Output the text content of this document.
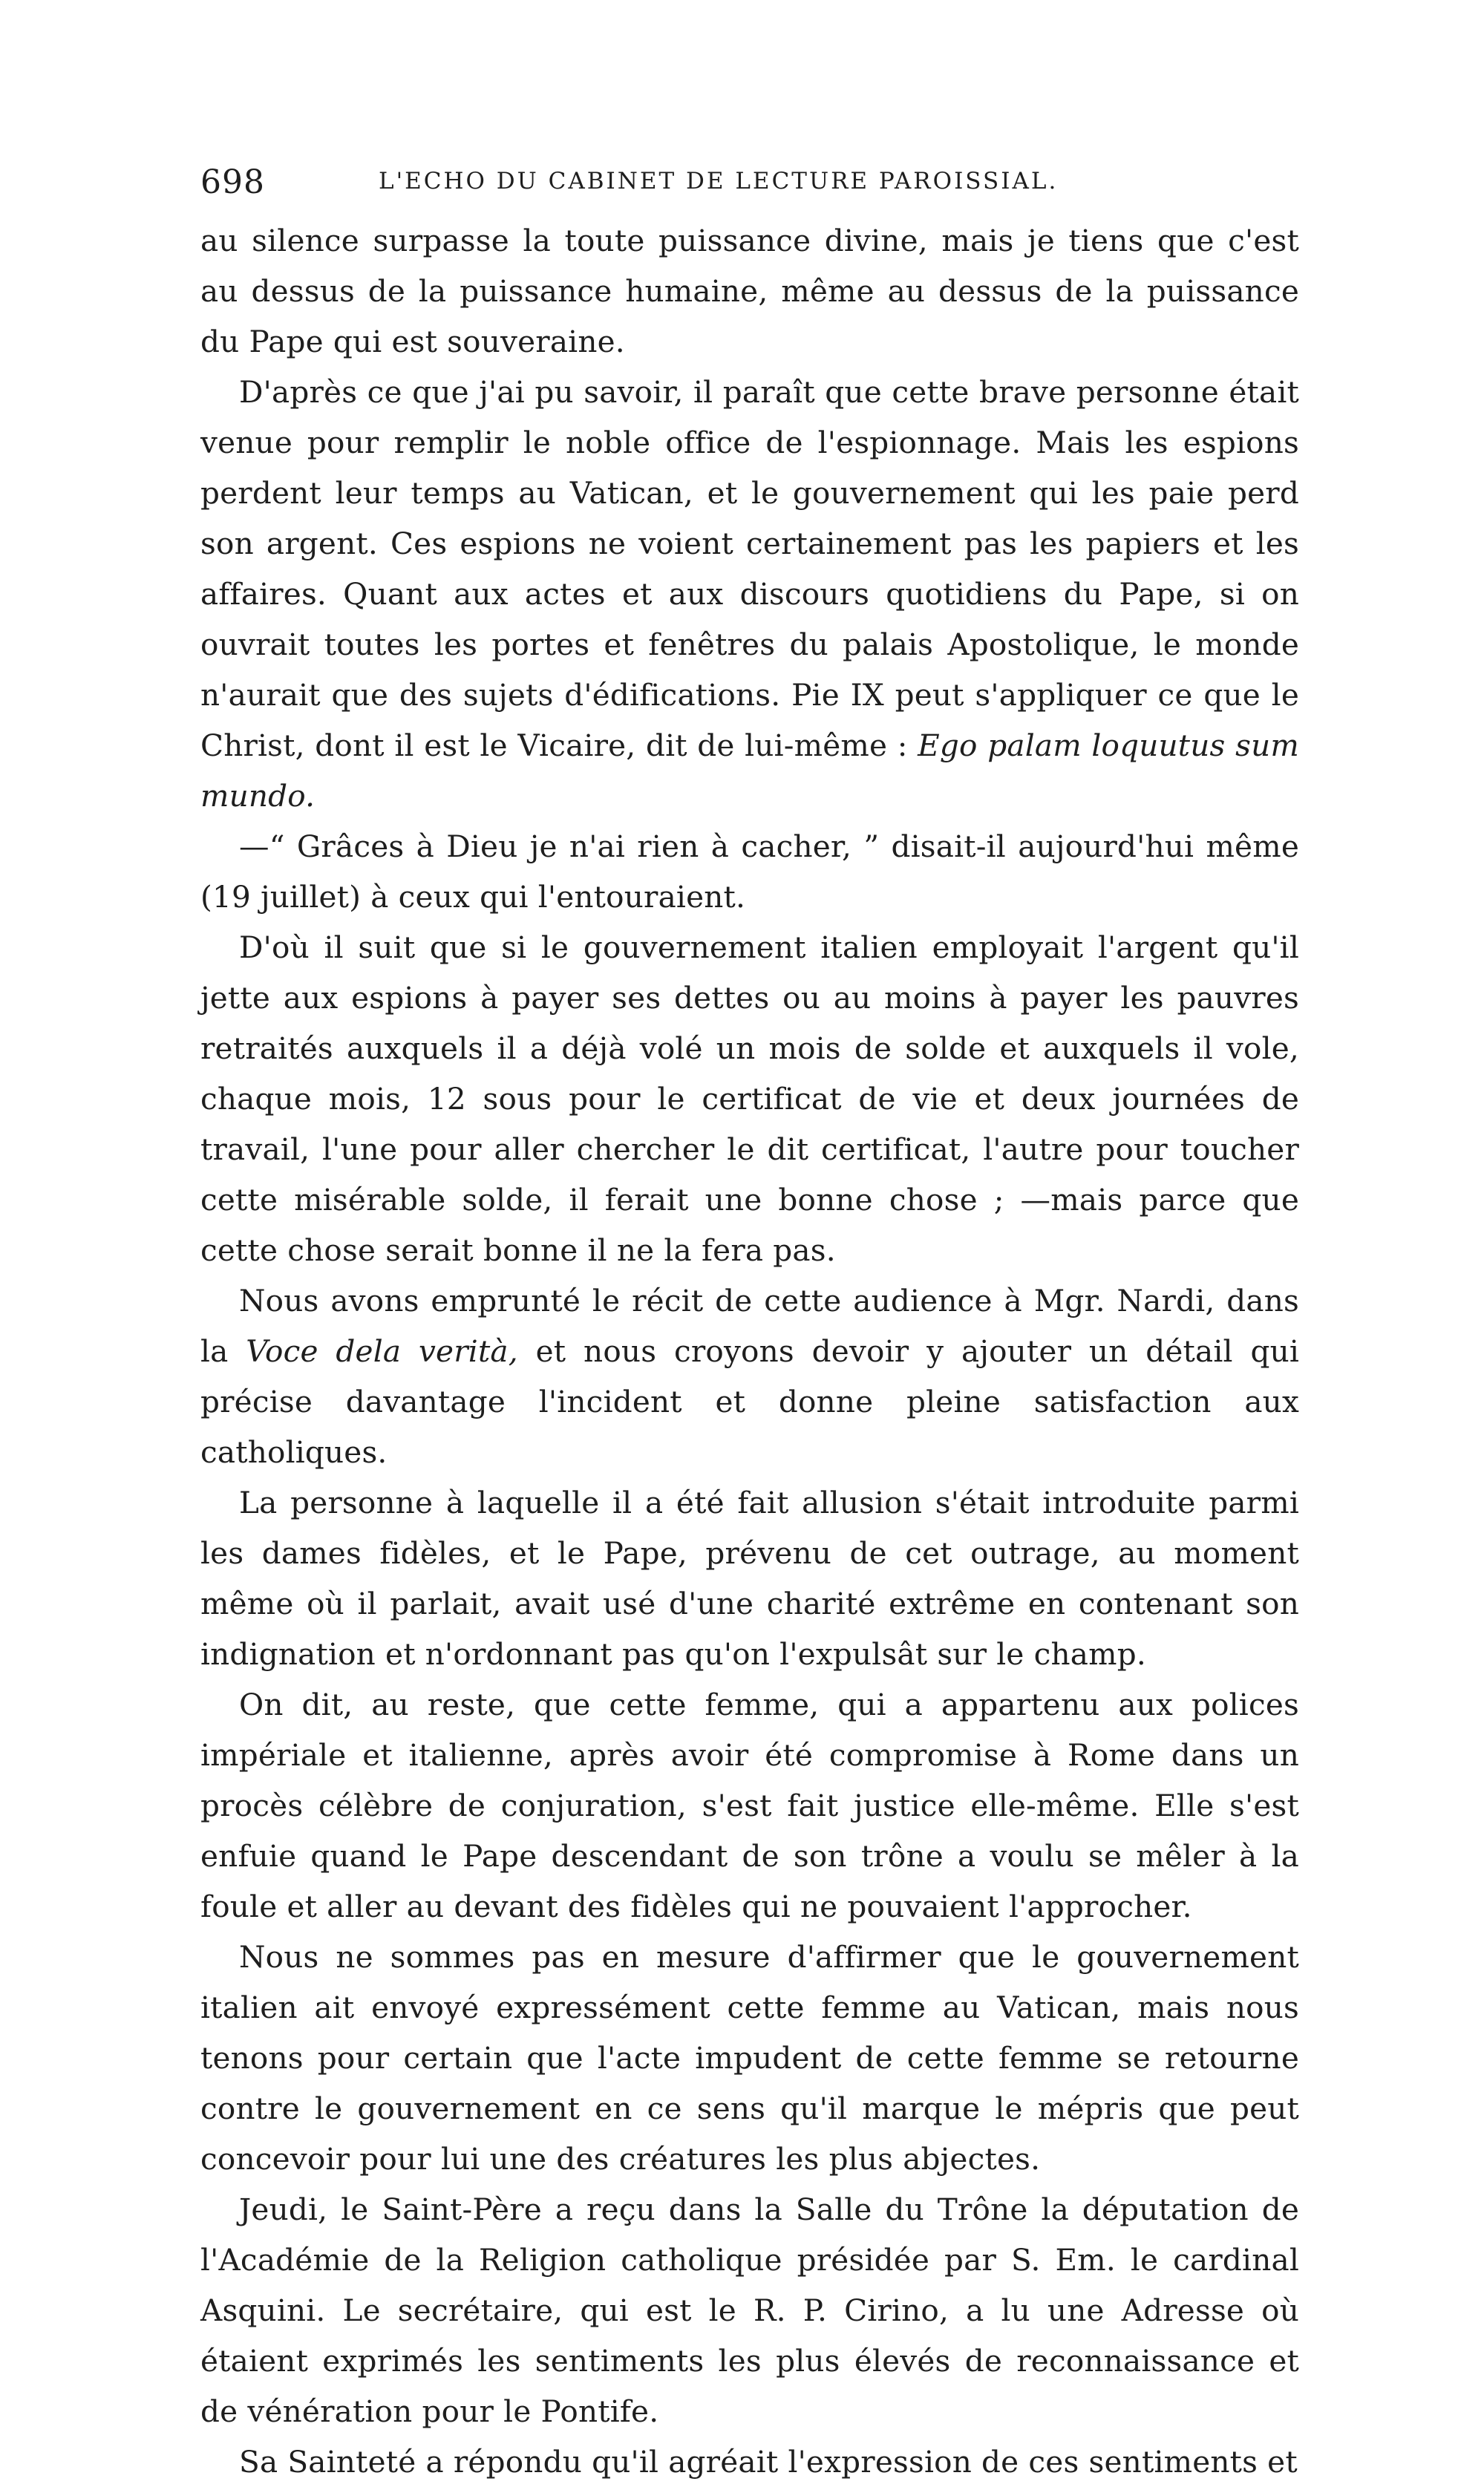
698	L'ECHO DU CABINET DE LECTURE PAROISSIAL.

au silence surpasse la toute puissance divine, mais je tiens que c'est au dessus de la puissance humaine, même au dessus de la puissance du Pape qui est souveraine.

D'après ce que j'ai pu savoir, il paraît que cette brave personne était venue pour remplir le noble office de l'espionnage. Mais les espions perdent leur temps au Vatican, et le gouvernement qui les paie perd son argent. Ces espions ne voient certainement pas les papiers et les affaires. Quant aux actes et aux discours quotidiens du Pape, si on ouvrait toutes les portes et fenêtres du palais Apostolique, le monde n'aurait que des sujets d'édifications. Pie IX peut s'appliquer ce que le Christ, dont il est le Vicaire, dit de lui-même : Ego palam loquutus sum mundo.

—“ Grâces à Dieu je n'ai rien à cacher, ” disait-il aujourd'hui même (19 juillet) à ceux qui l'entouraient.

D'où il suit que si le gouvernement italien employait l'argent qu'il jette aux espions à payer ses dettes ou au moins à payer les pauvres retraités auxquels il a déjà volé un mois de solde et auxquels il vole, chaque mois, 12 sous pour le certificat de vie et deux journées de travail, l'une pour aller chercher le dit certificat, l'autre pour toucher cette misérable solde, il ferait une bonne chose ; —mais parce que cette chose serait bonne il ne la fera pas.

Nous avons emprunté le récit de cette audience à Mgr. Nardi, dans la Voce dela verità, et nous croyons devoir y ajouter un détail qui précise davantage l'incident et donne pleine satisfaction aux catholiques.

La personne à laquelle il a été fait allusion s'était introduite parmi les dames fidèles, et le Pape, prévenu de cet outrage, au moment même où il parlait, avait usé d'une charité extrême en contenant son indignation et n'ordonnant pas qu'on l'expulsât sur le champ.

On dit, au reste, que cette femme, qui a appartenu aux polices impériale et italienne, après avoir été compromise à Rome dans un procès célèbre de conjuration, s'est fait justice elle-même. Elle s'est enfuie quand le Pape descendant de son trône a voulu se mêler à la foule et aller au devant des fidèles qui ne pouvaient l'approcher.

Nous ne sommes pas en mesure d'affirmer que le gouvernement italien ait envoyé expressément cette femme au Vatican, mais nous tenons pour certain que l'acte impudent de cette femme se retourne contre le gouvernement en ce sens qu'il marque le mépris que peut concevoir pour lui une des créatures les plus abjectes.

Jeudi, le Saint-Père a reçu dans la Salle du Trône la députation de l'Académie de la Religion catholique présidée par S. Em. le cardinal Asquini. Le secrétaire, qui est le R. P. Cirino, a lu une Adresse où étaient exprimés les sentiments les plus élevés de reconnaissance et de vénération pour le Pontife.

Sa Sainteté a répondu qu'il agréait l'expression de ces sentiments et
